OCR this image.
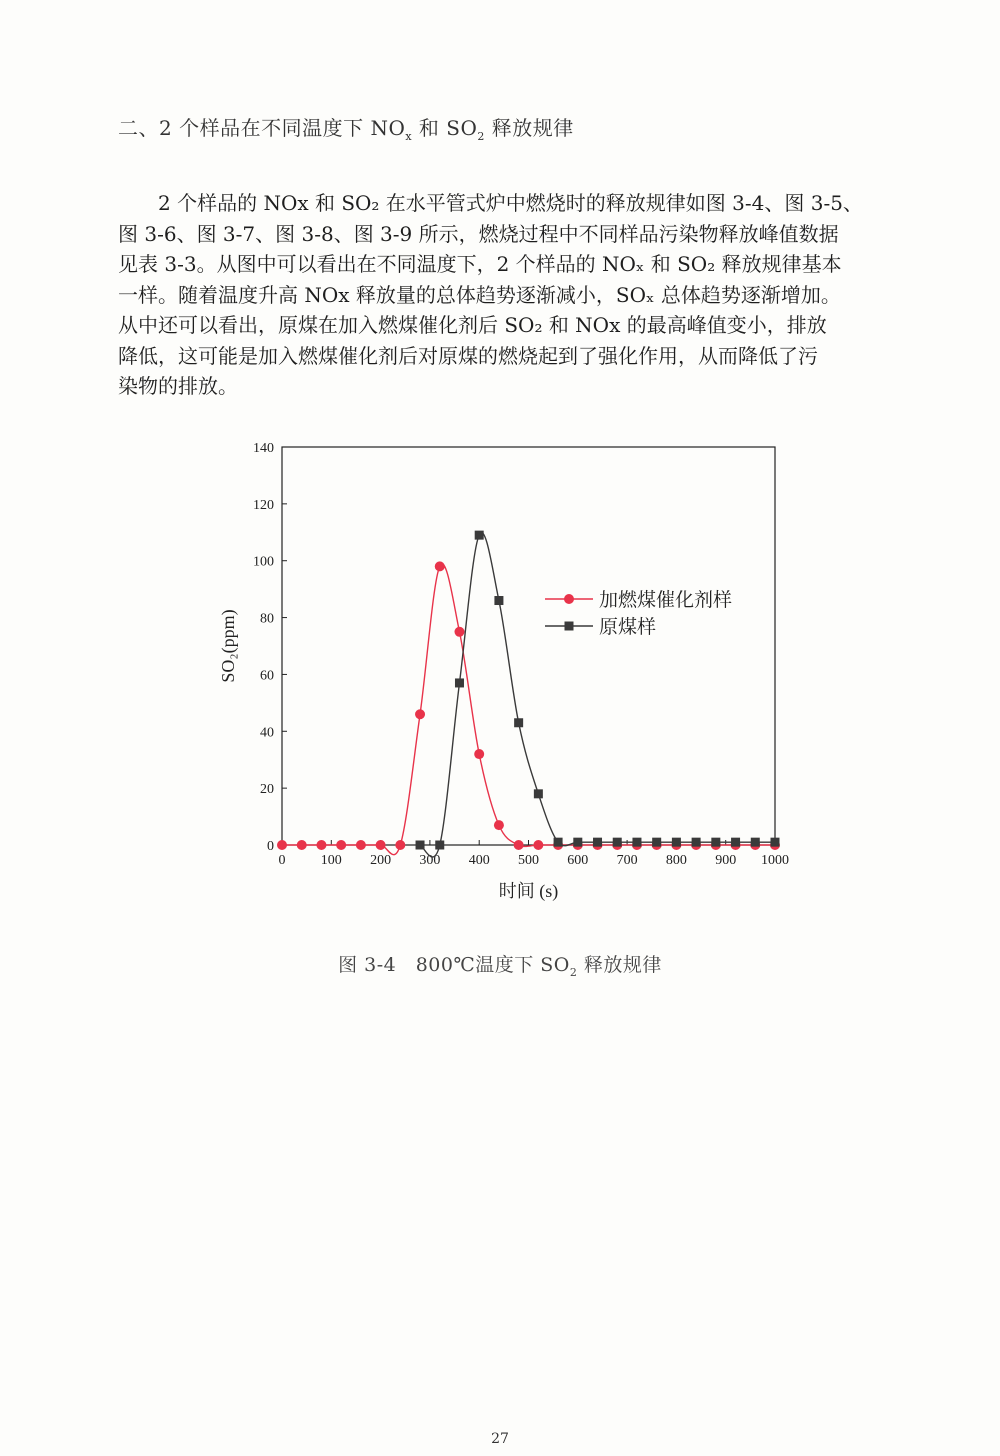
二、2 个样品在不同温度下 $NO_x$ 和 $SO_2$ 释放规律
2 个样品的 NOx 和 SO₂ 在水平管式炉中燃烧时的释放规律如图 3-4、图 3-5、
图 3-6、图 3-7、图 3-8、图 3-9 所示，燃烧过程中不同样品污染物释放峰值数据
见表 3-3。从图中可以看出在不同温度下，2 个样品的 NOₓ 和 SO₂ 释放规律基本
一样。随着温度升高 NOx 释放量的总体趋势逐渐减小，SOₓ 总体趋势逐渐增加。
从中还可以看出，原煤在加入燃煤催化剂后 SO₂ 和 NOx 的最高峰值变小，排放
降低，这可能是加入燃煤催化剂后对原煤的燃烧起到了强化作用，从而降低了污
染物的排放。
0	100 200 300 400 500 600 700 800 900 1000
0
20
40
60
80
100
120
140
时间 (s)
SO₂(ppm)
加燃煤催化剂样
原煤样
图 3-4　800℃温度下 $SO_2$ 释放规律
27
